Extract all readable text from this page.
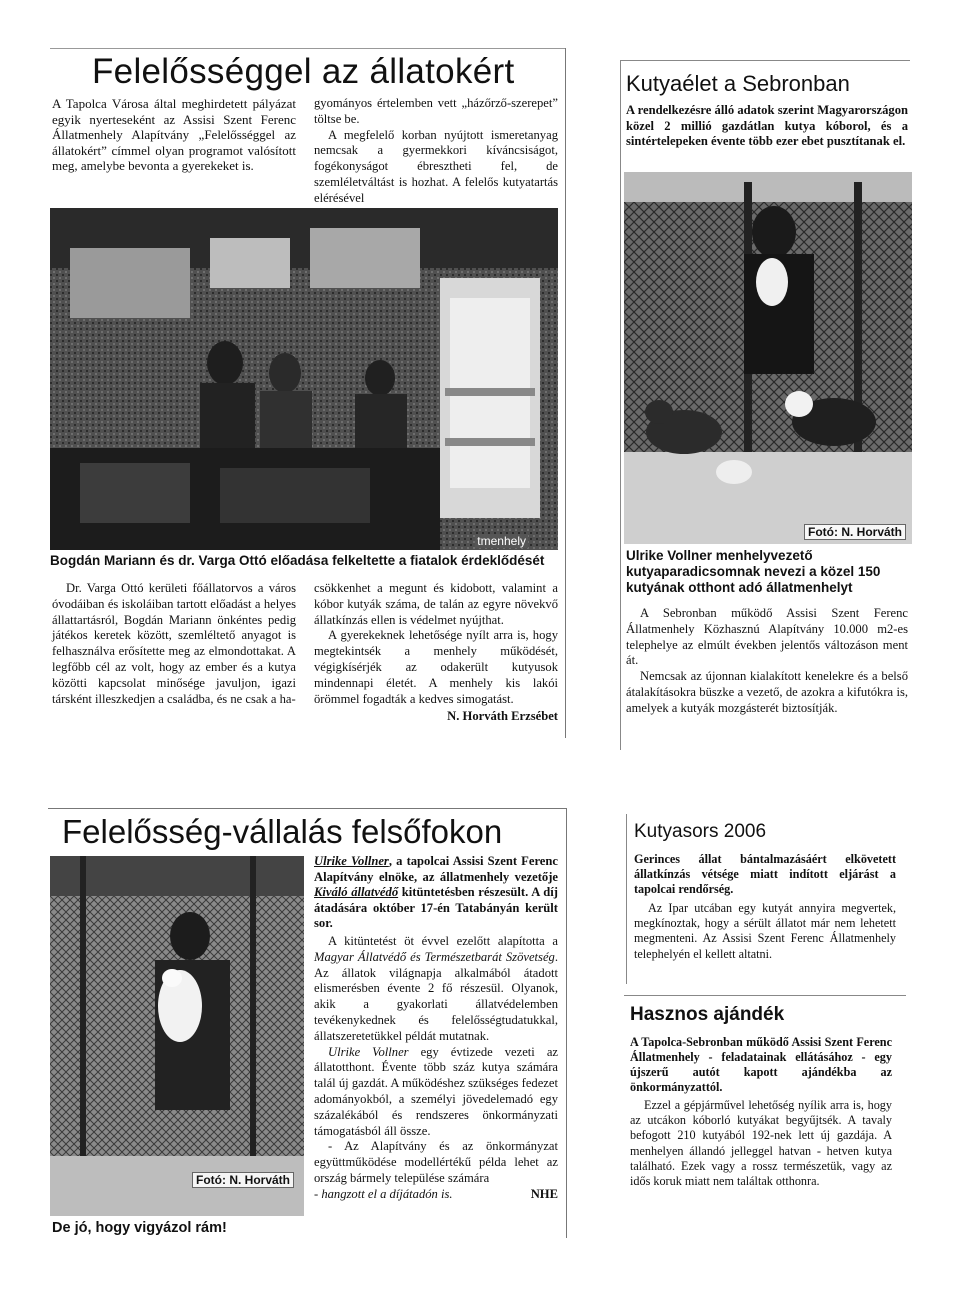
Felelősséggel az állatokért

A Tapolca Városa által meghirdetett pályázat egyik nyerteseként az Assisi Szent Ferenc Állatmenhely Alapítvány „Felelősséggel az állatokért” címmel olyan programot valósított meg, amelybe bevonta a gyerekeket is.

gyományos értelemben vett „házőrző-szerepet” töltse be.

A megfelelő korban nyújtott ismeretanyag nemcsak a gyermekkori kíváncsiságot, fogékonyságot ébresztheti fel, de szemléletváltást is hozhat. A felelős kutyatartás elérésével

tmenhely

Bogdán Mariann és dr. Varga Ottó előadása felkeltette a fiatalok érdeklődését

Dr. Varga Ottó kerületi főállatorvos a város óvodáiban és iskoláiban tartott előadást a helyes állattartásról, Bogdán Mariann önkéntes pedig játékos keretek között, szemléltető anyagot is felhasználva erősítette meg az elmondottakat. A legfőbb cél az volt, hogy az ember és a kutya közötti kapcsolat minősége javuljon, igazi társként illeszkedjen a családba, és ne csak a ha-

csökkenhet a megunt és kidobott, valamint a kóbor kutyák száma, de talán az egyre növekvő állatkínzás ellen is védelmet nyújthat.

A gyerekeknek lehetősége nyílt arra is, hogy megtekintsék a menhely működését, végigkísérjék az odakerült kutyusok mindennapi életét. A menhely kis lakói örömmel fogadták a kedves simogatást.

N. Horváth Erzsébet

Kutyaélet a Sebronban

A rendelkezésre álló adatok szerint Magyarországon közel 2 millió gazdátlan kutya kóborol, és a sintértelepeken évente több ezer ebet pusztítanak el.

Fotó: N. Horváth

Ulrike Vollner menhelyvezető kutyaparadicsomnak nevezi a közel 150 kutyának otthont adó állatmenhelyt

A Sebronban működő Assisi Szent Ferenc Állatmenhely Közhasznú Alapítvány 10.000 m2-es telephelye az elmúlt években jelentős változáson ment át.

Nemcsak az újonnan kialakított kenelekre és a belső átalakításokra büszke a vezető, de azokra a kifutókra is, amelyek a kutyák mozgásterét biztosítják.

Felelősség-vállalás felsőfokon
Fotó: N. Horváth

De jó, hogy vigyázol rám!

Ulrike Vollner, a tapolcai Assisi Szent Ferenc Alapítvány elnöke, az állatmenhely vezetője Kiváló állatvédő kitüntetésben részesült. A díj átadására október 17-én Tatabányán került sor.

A kitüntetést öt évvel ezelőtt alapította a Magyar Állatvédő és Természetbarát Szövetség. Az állatok világnapja alkalmából átadott elismerésben évente 2 fő részesül. Olyanok, akik a gyakorlati állatvédelemben tevékenykednek és felelősségtudatukkal, állatszeretetükkel példát mutatnak.

Ulrike Vollner egy évtizede vezeti az állatotthont. Évente több száz kutya számára talál új gazdát. A működéshez szükséges fedezet adományokból, a személyi jövedelemadó egy százalékából és rendszeres önkormányzati támogatásból áll össze.

- Az Alapítvány és az önkormányzat együttműködése modellértékű példa lehet az ország bármely települése számára

- hangzott el a díjátadón is.	NHE

Kutyasors 2006

Gerinces állat bántalmazásáért elkövetett állatkínzás vétsége miatt indított eljárást a tapolcai rendőrség.

Az Ipar utcában egy kutyát annyira megvertek, megkínoztak, hogy a sérült állatot már nem lehetett megmenteni. Az Assisi Szent Ferenc Állatmenhely telephelyén el kellett altatni.

Hasznos ajándék

A Tapolca-Sebronban működő Assisi Szent Ferenc Állatmenhely - feladatainak ellátásához - egy újszerű autót kapott ajándékba az önkormányzattól.

Ezzel a gépjárművel lehetőség nyílik arra is, hogy az utcákon kóborló kutyákat begyűjtsék. A tavaly befogott 210 kutyából 192-nek lett új gazdája. A menhelyen állandó jelleggel hatvan - hetven kutya található. Ezek vagy a rossz természetük, vagy az idős koruk miatt nem találtak otthonra.
